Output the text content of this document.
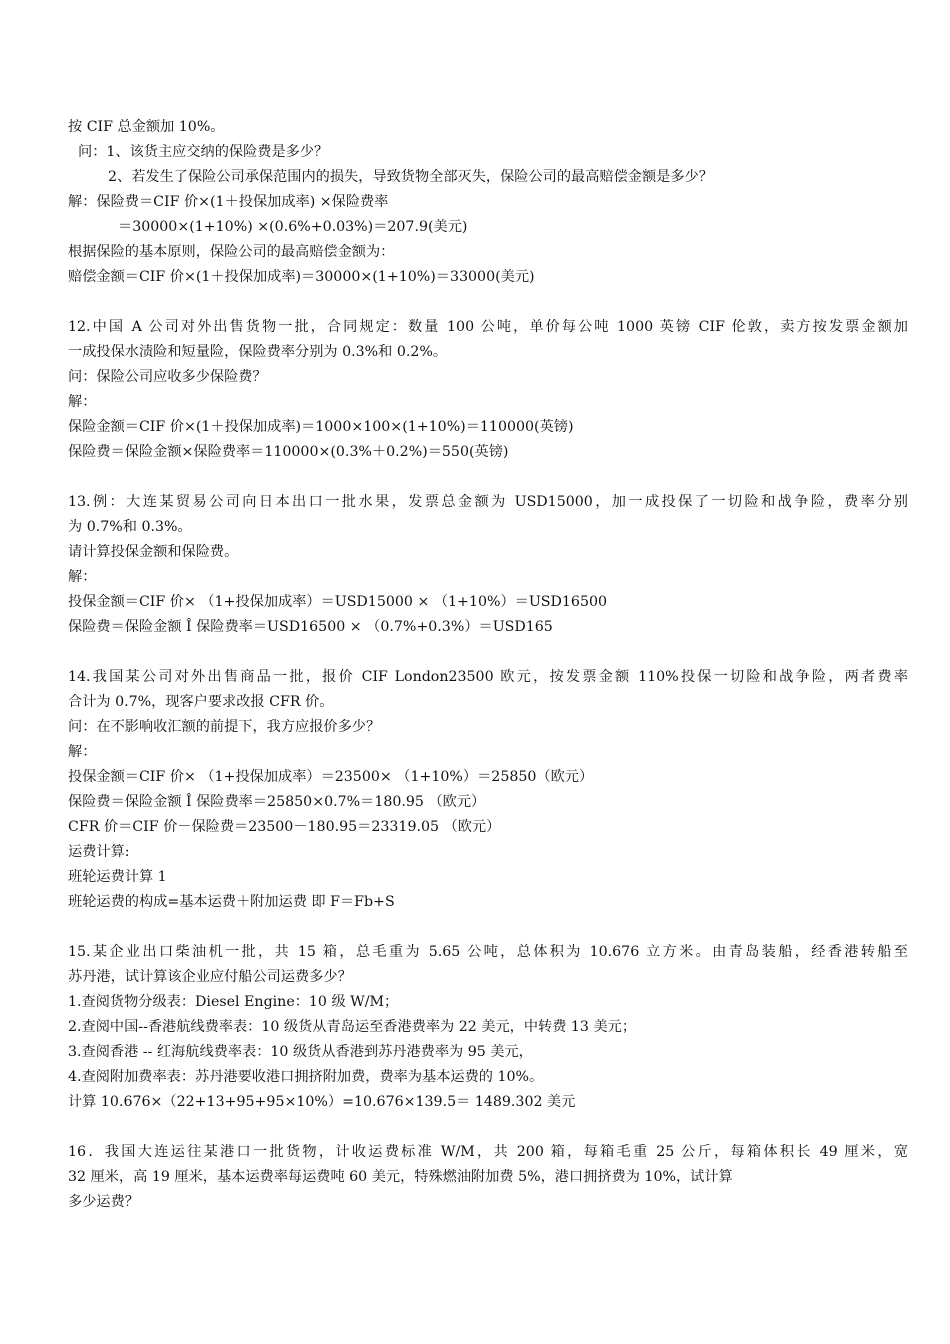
按 CIF 总金额加 10%。
问：1、该货主应交纳的保险费是多少？
2、若发生了保险公司承保范围内的损失，导致货物全部灭失，保险公司的最高赔偿金额是多少？
解：保险费＝CIF 价×(1＋投保加成率) ×保险费率
＝30000×(1+10%) ×(0.6%+0.03%)＝207.9(美元)
根据保险的基本原则，保险公司的最高赔偿金额为：
赔偿金额＝CIF 价×(1＋投保加成率)＝30000×(1+10%)＝33000(美元)
12.中国 A 公司对外出售货物一批，合同规定：数量 100 公吨，单价每公吨 1000 英镑 CIF 伦敦，卖方按发票金额加
一成投保水渍险和短量险，保险费率分别为 0.3%和 0.2%。
问：保险公司应收多少保险费？
解：
保险金额＝CIF 价×(1＋投保加成率)＝1000×100×(1+10%)＝110000(英镑)
保险费＝保险金额×保险费率＝110000×(0.3%＋0.2%)＝550(英镑)
13.例：大连某贸易公司向日本出口一批水果，发票总金额为 USD15000，加一成投保了一切险和战争险，费率分别
为 0.7%和 0.3%。
请计算投保金额和保险费。
解：
投保金额＝CIF 价× （1+投保加成率）＝USD15000 × （1+10%）＝USD16500
保险费＝保险金额 Î 保险费率＝USD16500 × （0.7%+0.3%）＝USD165
14.我国某公司对外出售商品一批，报价 CIF London23500 欧元，按发票金额 110%投保一切险和战争险，两者费率
合计为 0.7%，现客户要求改报 CFR 价。
问：在不影响收汇额的前提下，我方应报价多少？
解：
投保金额＝CIF 价× （1+投保加成率）＝23500× （1+10%）＝25850（欧元）
保险费＝保险金额 Î 保险费率＝25850×0.7%＝180.95 （欧元）
CFR 价＝CIF 价－保险费＝23500－180.95＝23319.05 （欧元）
运费计算:
班轮运费计算 1
班轮运费的构成=基本运费＋附加运费 即 F＝Fb+S
15.某企业出口柴油机一批，共 15 箱，总毛重为 5.65 公吨，总体积为 10.676 立方米。由青岛装船，经香港转船至
苏丹港，试计算该企业应付船公司运费多少？
1.查阅货物分级表：Diesel Engine：10 级 W/M；
2.查阅中国--香港航线费率表：10 级货从青岛运至香港费率为 22 美元，中转费 13 美元；
3.查阅香港 -- 红海航线费率表：10 级货从香港到苏丹港费率为 95 美元，
4.查阅附加费率表：苏丹港要收港口拥挤附加费，费率为基本运费的 10%。
计算 10.676×（22+13+95+95×10%）=10.676×139.5＝ 1489.302 美元
16．我国大连运往某港口一批货物，计收运费标准 W/M，共 200 箱，每箱毛重 25 公斤，每箱体积长 49 厘米，宽
32 厘米，高 19 厘米，基本运费率每运费吨 60 美元，特殊燃油附加费 5%，港口拥挤费为 10%，试计算
多少运费？
